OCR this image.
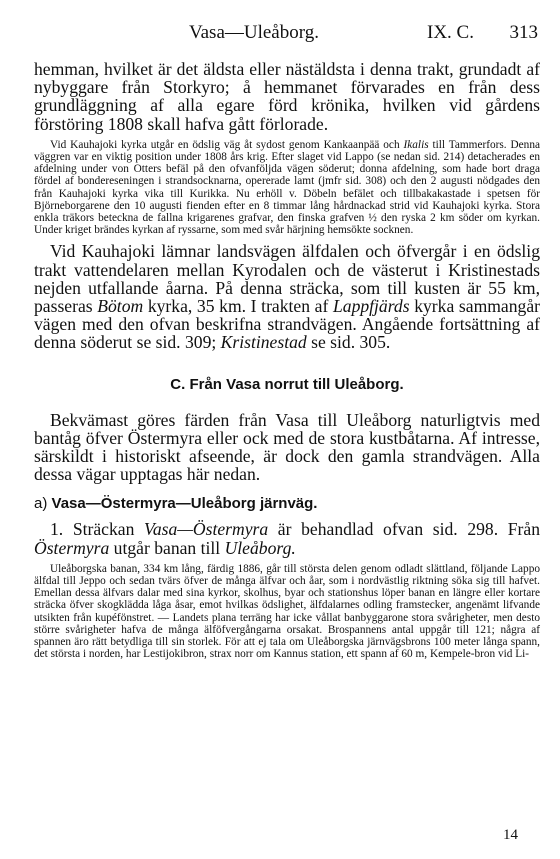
Vasa—Uleåborg.	IX. C. 313

hemman, hvilket är det äldsta eller nästäldsta i denna trakt, grundadt af nybyggare från Storkyro; å hemmanet förvarades en från dess grundläggning af alla egare förd krönika, hvilken vid gårdens förstöring 1808 skall hafva gått förlorade.

Vid Kauhajoki kyrka utgår en ödslig väg åt sydost genom Kankaanpää och Ikalis till Tammerfors. Denna väggren var en viktig position under 1808 års krig. Efter slaget vid Lappo (se nedan sid. 214) detacherades en afdelning under von Otters befäl på den ofvanföljda vägen söderut; donna afdelning, som hade bort draga fördel af bondereseningen i strandsocknarna, opererade lamt (jmfr sid. 308) och den 2 augusti nödgades den från Kauhajoki kyrka vika till Kurikka. Nu erhöll v. Döbeln befälet och tillbakakastade i spetsen för Björneborgarene den 10 augusti fienden efter en 8 timmar lång hårdnackad strid vid Kauhajoki kyrka. Stora enkla träkors betecknа de fallna krigarenes grafvar, den finska grafven ½ den ryska 2 km söder om kyrkan. Under kriget brändes kyrkan af ryssarne, som med svår härjning hemsökte socknen.

Vid Kauhajoki lämnar landsvägen älfdalen och öfvergår i en ödslig trakt vattendelaren mellan Kyrodalen och de västerut i Kristinestads nejden utfallande åarna. På denna sträcka, som till kusten är 55 km, passeras Bötom kyrka, 35 km. I trakten af Lappfjärds kyrka sammangår vägen med den ofvan beskrifna strandvägen. Angående fortsättning af denna söderut se sid. 309; Kristinestad se sid. 305.

C. Från Vasa norrut till Uleåborg.

Bekvämast göres färden från Vasa till Uleåborg naturligtvis med bantåg öfver Östermyra eller ock med de stora kustbåtarna. Af intresse, särskildt i historiskt afseende, är dock den gamla strandvägen. Alla dessa vägar upptagas här nedan.

a) Vasa—Östermyra—Uleåborg järnväg.

1. Sträckan Vasa—Östermyra är behandlad ofvan sid. 298. Från Östermyra utgår banan till Uleåborg.

Uleåborgska banan, 334 km lång, färdig 1886, går till största delen genom odladt slättland, följande Lappo älfdal till Jeppo och sedan tvärs öfver de många älfvar och åar, som i nordvästlig riktning söka sig till hafvet. Emellan dessa älfvars dalar med sina kyrkor, skolhus, byar och stationshus löper banan en längre eller kortare sträcka öfver skogklädda låga åsar, emot hvilkas ödslighet, älfdalarnes odling framstecker, angenämt lifvande utsikten från kupéfönstret. — Landets plana terräng har icke vållat banbyggarone stora svårigheter, men desto större svårigheter hafva de många älföfvergångarna orsakat. Brospannens antal uppgår till 121; några af spannen äro rätt betydliga till sin storlek. För att ej tala om Uleåborgska järnvägsbrons 100 meter långa spann, det största i norden, har Lestijokibron, strax norr om Kannus station, ett spann af 60 m, Kempele-bron vid Li-

14
